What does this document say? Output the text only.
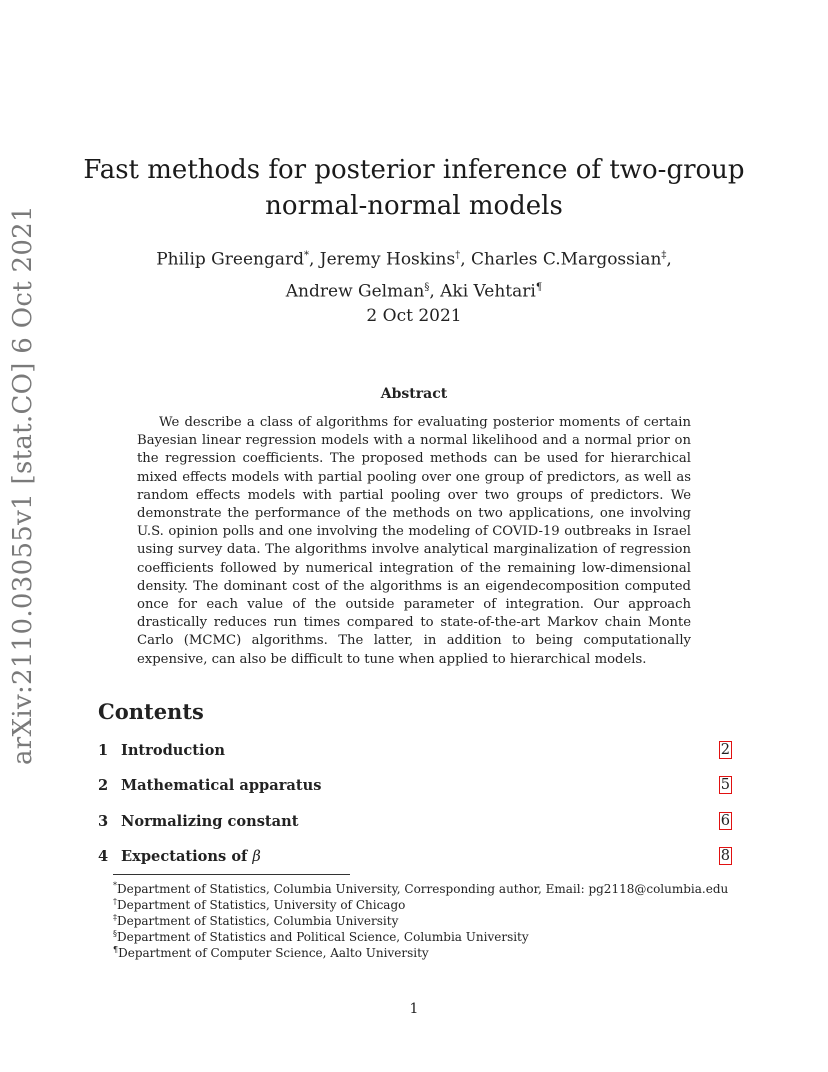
arXiv:2110.03055v1 [stat.CO] 6 Oct 2021
Fast methods for posterior inference of two-group
normal-normal models
Philip Greengard*, Jeremy Hoskins†, Charles C.Margossian‡,
Andrew Gelman§, Aki Vehtari¶
2 Oct 2021
Abstract
We describe a class of algorithms for evaluating posterior moments of certain Bayesian linear regression models with a normal likelihood and a normal prior on the regression coefficients. The proposed methods can be used for hierarchical mixed effects models with partial pooling over one group of predictors, as well as random effects models with partial pooling over two groups of predictors. We demonstrate the performance of the methods on two applications, one involving U.S. opinion polls and one involving the modeling of COVID-19 outbreaks in Israel using survey data. The algorithms involve analytical marginalization of regression coefficients followed by numerical integration of the remaining low-dimensional density. The dominant cost of the algorithms is an eigendecomposition computed once for each value of the outside parameter of integration. Our approach drastically reduces run times compared to state-of-the-art Markov chain Monte Carlo (MCMC) algorithms. The latter, in addition to being computationally expensive, can also be difficult to tune when applied to hierarchical models.
Contents
1 Introduction	2
2 Mathematical apparatus	5
3 Normalizing constant	6
4 Expectations of β	8
*Department of Statistics, Columbia University, Corresponding author, Email: pg2118@columbia.edu
†Department of Statistics, University of Chicago
‡Department of Statistics, Columbia University
§Department of Statistics and Political Science, Columbia University
¶Department of Computer Science, Aalto University
1
